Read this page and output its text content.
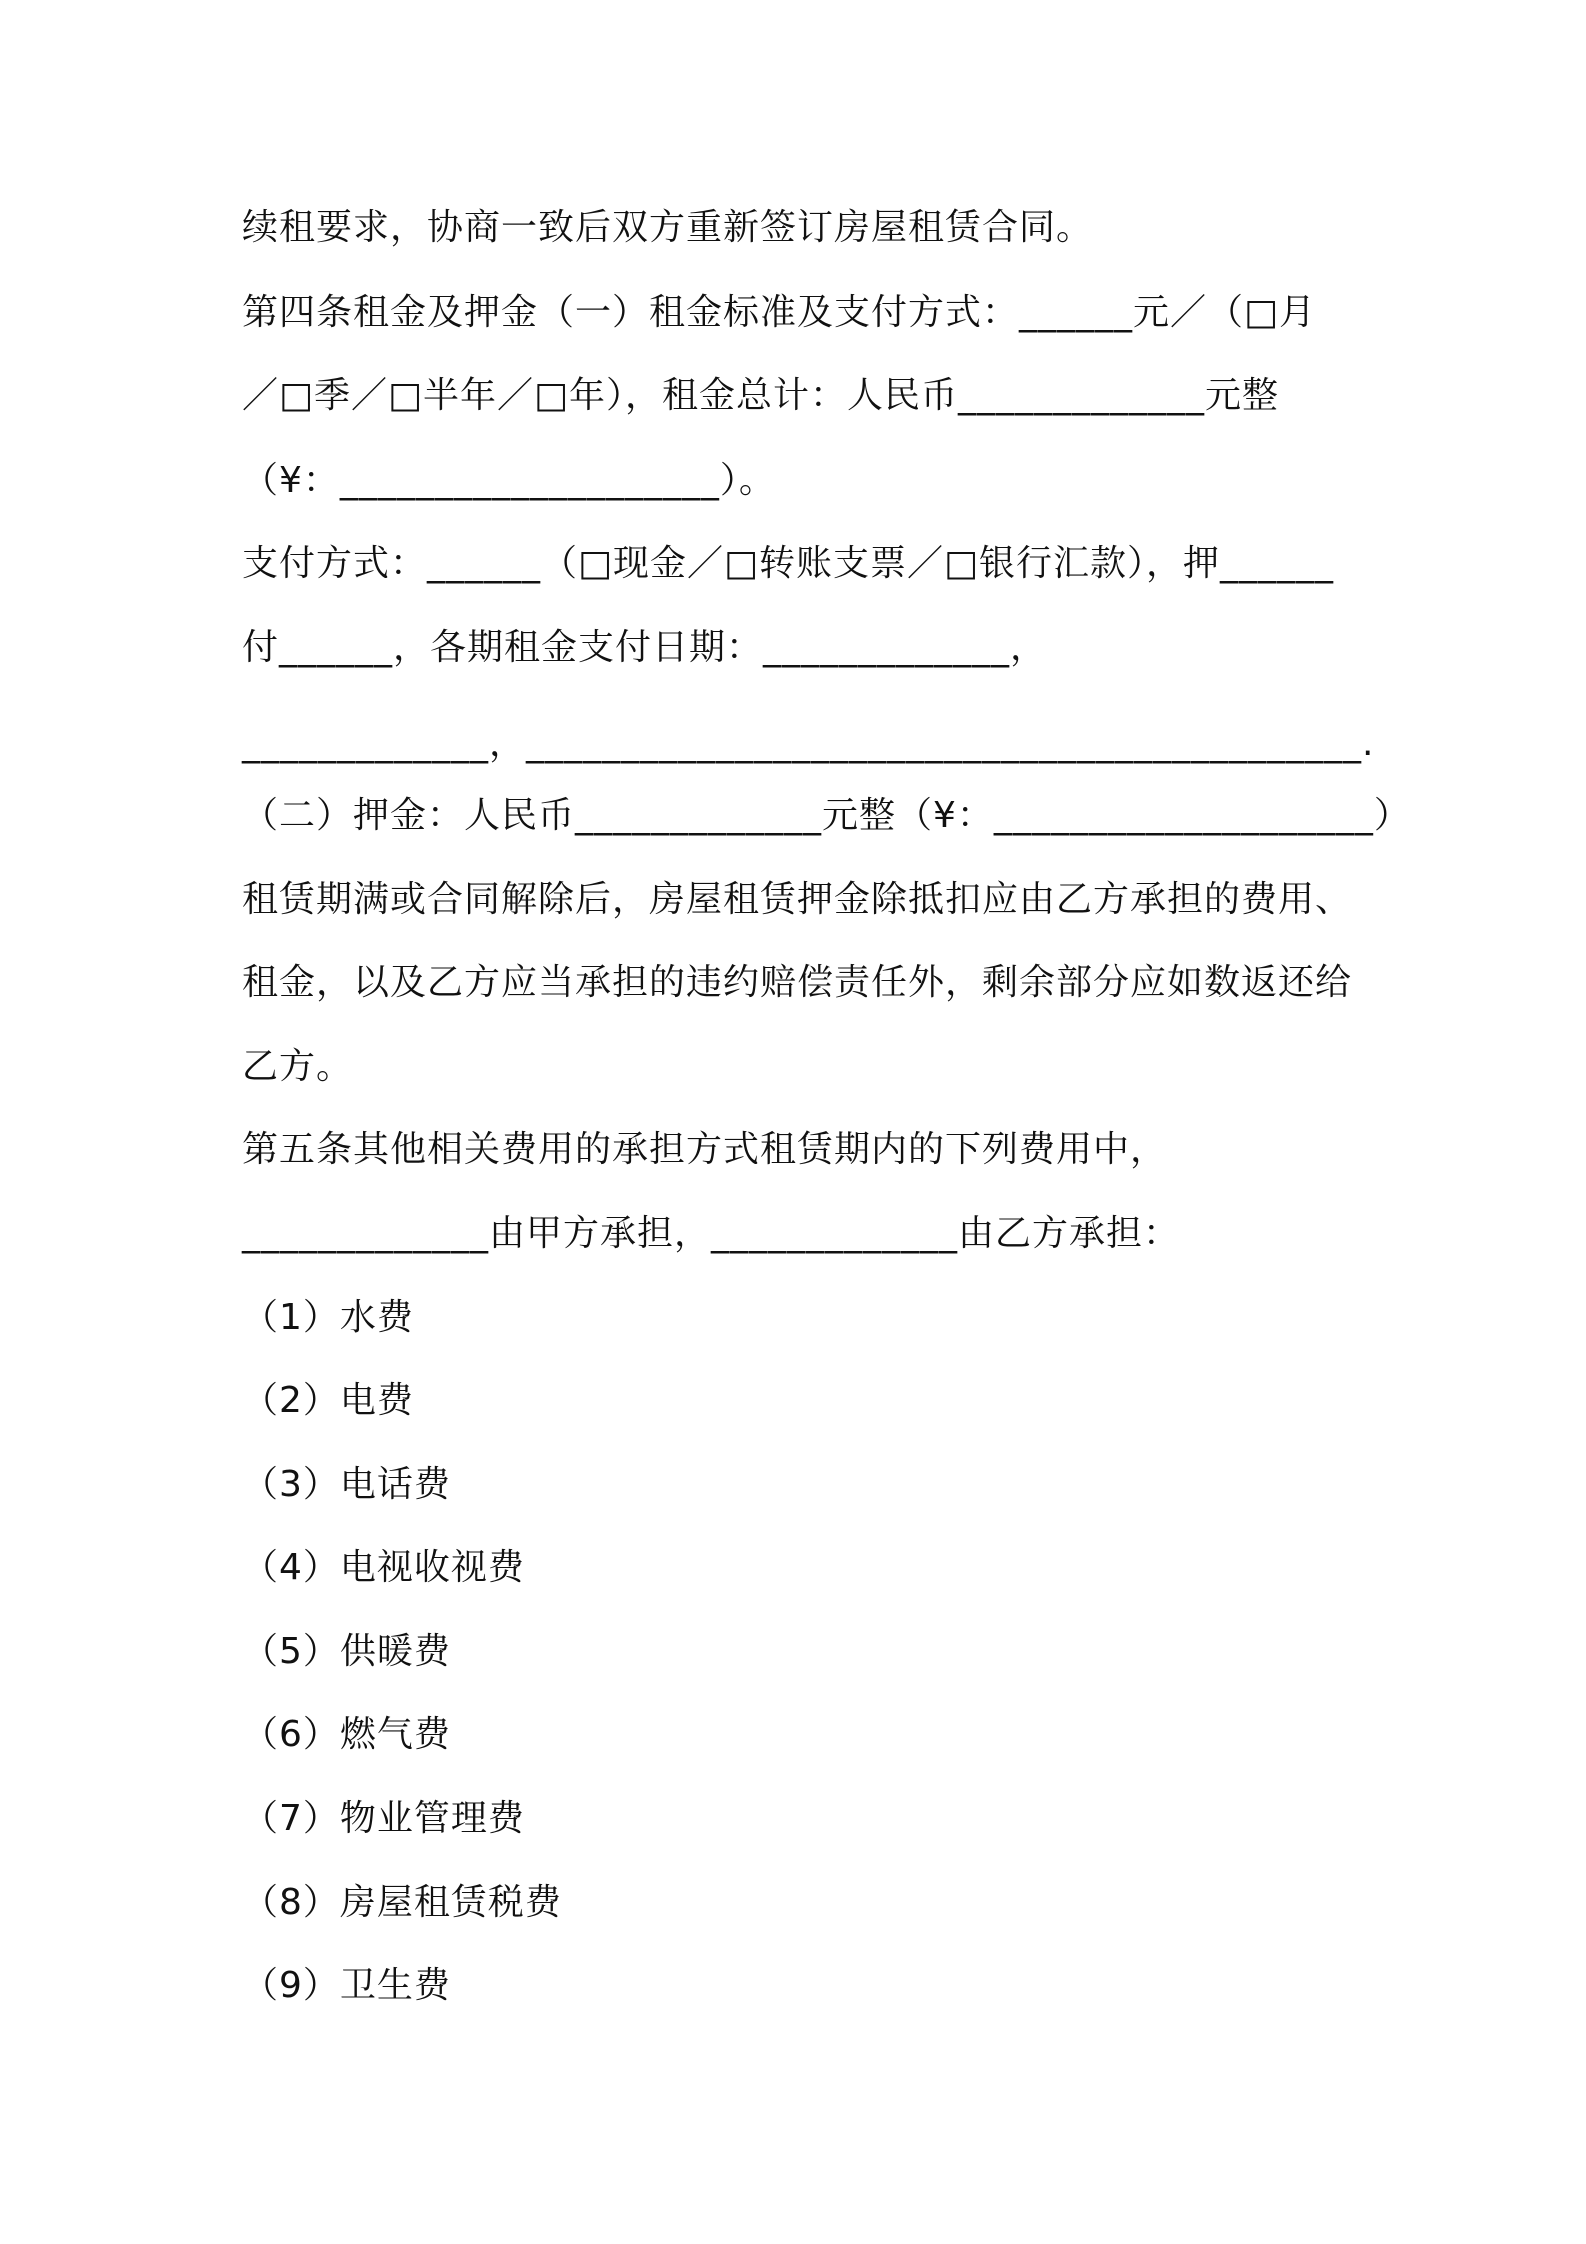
续租要求，协商一致后双方重新签订房屋租赁合同。
第四条租金及押金（一）租金标准及支付方式：______元／（□月
／□季／□半年／□年），租金总计：人民币_____________元整
（¥：____________________）。
支付方式：______（□现金／□转账支票／□银行汇款），押______
付______，各期租金支付日期：_____________，
_____________，____________________________________________.
（二）押金：人民币_____________元整（¥：____________________）
租赁期满或合同解除后，房屋租赁押金除抵扣应由乙方承担的费用、
租金，以及乙方应当承担的违约赔偿责任外，剩余部分应如数返还给
乙方。
第五条其他相关费用的承担方式租赁期内的下列费用中，
_____________由甲方承担，_____________由乙方承担：
（1）水费
（2）电费
（3）电话费
（4）电视收视费
（5）供暖费
（6）燃气费
（7）物业管理费
（8）房屋租赁税费
（9）卫生费
